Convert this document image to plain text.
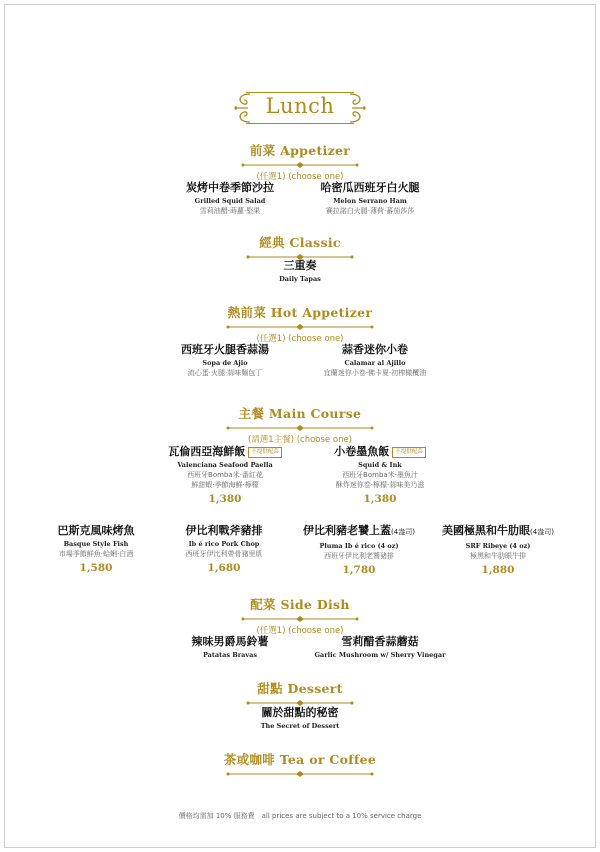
Lunch
前菜 Appetizer
(任選1) (choose one)
炭烤中卷季節沙拉
Grilled Squid Salad
雪莉油醋‧蒔蘿‧堅果
哈密瓜西班牙白火腿
Melon Serrano Ham
賽拉諾白火腿‧薄荷‧蕃茄莎莎
經典 Classic
三重奏
Daily Tapas
熱前菜 Hot Appetizer
(任選1) (choose one)
西班牙火腿香蒜湯
Sopa de Ajio
流心蛋‧火腿‧蒜味麵包丁
蒜香迷你小卷
Calamar al Ajillo
宜蘭迷你小卷‧佛卡夏‧初榨橄欖油
主餐 Main Course
(請選1主餐) (choose one)
瓦倫西亞海鮮飯 不提供配菜
Valenciana Seafood Paella
西班牙Bomba米‧番紅花
鮮甜蝦‧季節海鮮‧檸檬
1,380
小卷墨魚飯 不提供配菜
Squid & Ink
西班牙Bomba米‧墨魚汁
酥炸迷你卷‧檸檬‧蒜味美乃滋
1,380
巴斯克風味烤魚
Basque Style Fish
市場季節鮮魚‧蛤蜊‧白酒
1,580
伊比利戰斧豬排
Ib é rico Pork Chop
西班牙伊比利帶骨豬里肌
1,680
伊比利豬老饕上蓋(4盎司)
Pluma Ib é rico (4 oz)
西班牙伊比利老饕豬排
1,780
美國極黑和牛肋眼(4盎司)
SRF Ribeye (4 oz)
極黑和牛肋眼牛排
1,880
配菜 Side Dish
(任選1) (choose one)
辣味男爵馬鈴薯
Patatas Bravas
雪莉醋香蒜蘑菇
Garlic Mushroom w/ Sherry Vinegar
甜點 Dessert
關於甜點的秘密
The Secret of Dessert
茶或咖啡 Tea or Coffee
價格均需加 10% 服務費　all prices are subject to a 10% service charge
